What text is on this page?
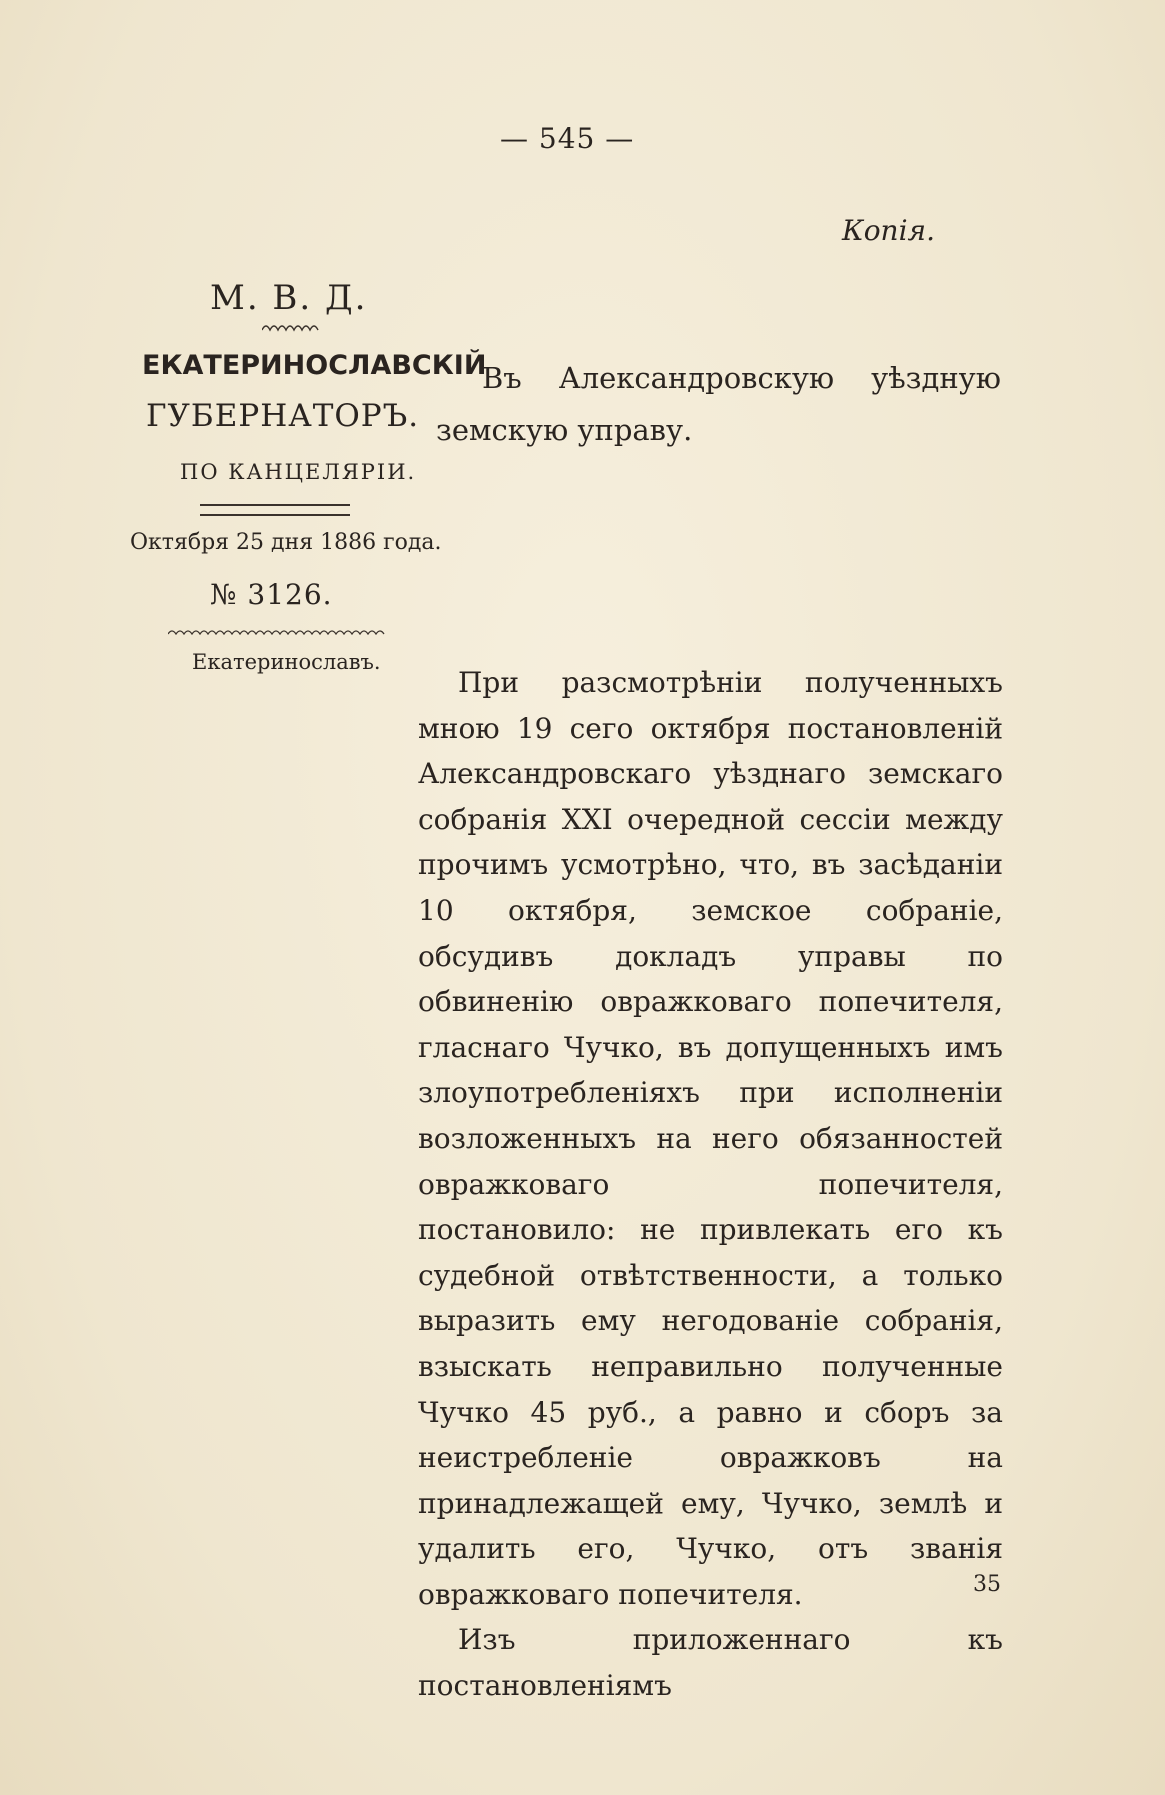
— 545 —
Копія.
М. В. Д.
ЕКАТЕРИНОСЛАВСКІЙ
ГУБЕРНАТОРЪ.
ПО КАНЦЕЛЯРІИ.
Октября 25 дня 1886 года.
№ 3126.
Екатеринославъ.
Въ Александровскую уѣздную земскую управу.

При разсмотрѣніи полученныхъ мною 19 сего октября постановленій Александровскаго уѣзднаго земскаго собранія XXI очередной сессіи между прочимъ усмотрѣно, что, въ засѣданіи 10 октября, земское собраніе, обсудивъ докладъ управы по обвиненію овражковаго попечителя, гласнаго Чучко, въ допущенныхъ имъ злоупотребленіяхъ при исполненіи возложенныхъ на него обязанностей овражковаго попечителя, постановило: не привлекать его къ судебной отвѣтственности, а только выразить ему негодованіе собранія, взыскать неправильно полученные Чучко 45 руб., а равно и сборъ за неистребленіе овражковъ на принадлежащей ему, Чучко, землѣ и удалить его, Чучко, отъ званія овражковаго попечителя.

Изъ приложеннаго къ постановленіямъ

35
